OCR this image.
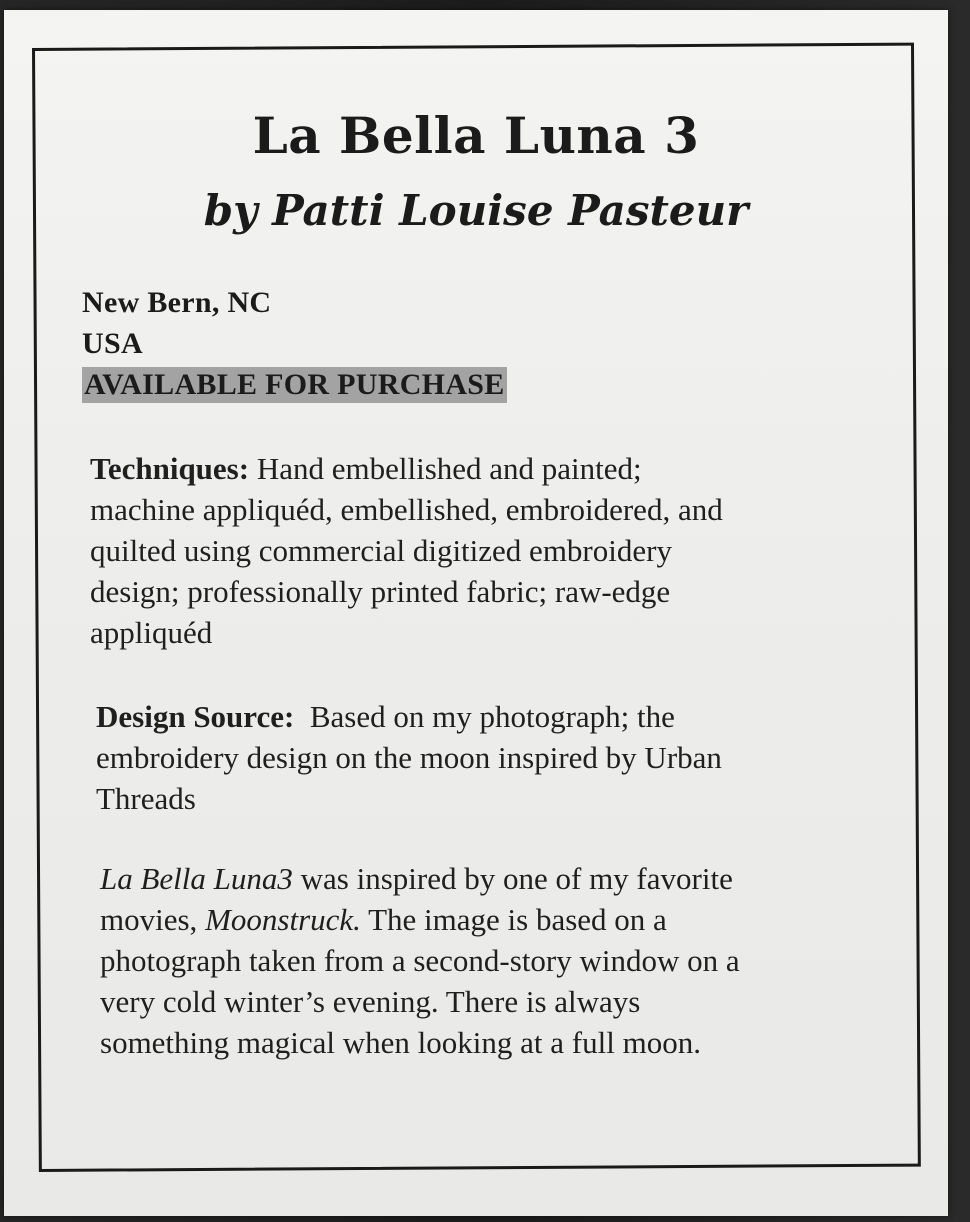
La Bella Luna 3
by Patti Louise Pasteur

New Bern, NC

USA

AVAILABLE FOR PURCHASE

Techniques: Hand embellished and painted;
machine appliquéd, embellished, embroidered, and
quilted using commercial digitized embroidery
design; professionally printed fabric; raw-edge
appliquéd

Design Source:  Based on my photograph; the
embroidery design on the moon inspired by Urban
Threads

La Bella Luna3 was inspired by one of my favorite
movies, Moonstruck. The image is based on a
photograph taken from a second-story window on a
very cold winter’s evening. There is always
something magical when looking at a full moon.
